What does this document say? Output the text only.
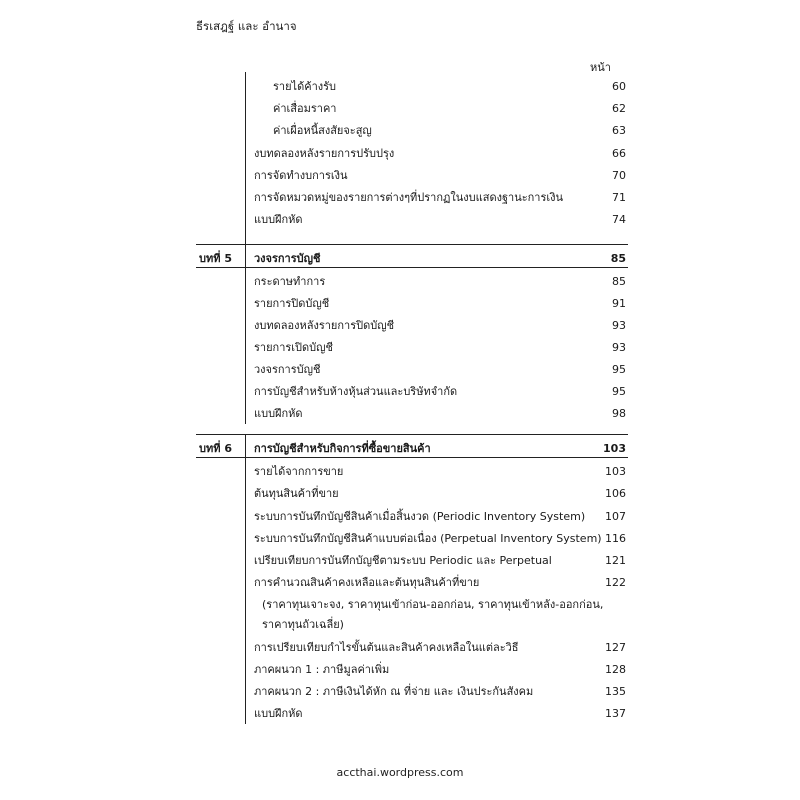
ธีรเสฎฐ์ และ อำนาจ
หน้า
รายได้ค้างรับ	60
ค่าเสื่อมราคา	62
ค่าเผื่อหนี้สงสัยจะสูญ	63
งบทดลองหลังรายการปรับปรุง	66
การจัดทำงบการเงิน	70
การจัดหมวดหมู่ของรายการต่างๆที่ปรากฏในงบแสดงฐานะการเงิน	71
แบบฝึกหัด	74
บทที่ 5 วงจรการบัญชี	85
กระดาษทำการ	85
รายการปิดบัญชี	91
งบทดลองหลังรายการปิดบัญชี	93
รายการเปิดบัญชี	93
วงจรการบัญชี	95
การบัญชีสำหรับห้างหุ้นส่วนและบริษัทจำกัด	95
แบบฝึกหัด	98
บทที่ 6 การบัญชีสำหรับกิจการที่ซื้อขายสินค้า	103
รายได้จากการขาย	103
ต้นทุนสินค้าที่ขาย	106
ระบบการบันทึกบัญชีสินค้าเมื่อสิ้นงวด (Periodic Inventory System)	107
ระบบการบันทึกบัญชีสินค้าแบบต่อเนื่อง (Perpetual Inventory System) 116
เปรียบเทียบการบันทึกบัญชีตามระบบ Periodic และ Perpetual	121
การคำนวณสินค้าคงเหลือและต้นทุนสินค้าที่ขาย	122
(ราคาทุนเจาะจง, ราคาทุนเข้าก่อน-ออกก่อน, ราคาทุนเข้าหลัง-ออกก่อน,
ราคาทุนถัวเฉลี่ย)
การเปรียบเทียบกำไรขั้นต้นและสินค้าคงเหลือในแต่ละวิธี	127
ภาคผนวก 1 : ภาษีมูลค่าเพิ่ม	128
ภาคผนวก 2 : ภาษีเงินได้หัก ณ ที่จ่าย และ เงินประกันสังคม	135
แบบฝึกหัด	137
accthai.wordpress.com
